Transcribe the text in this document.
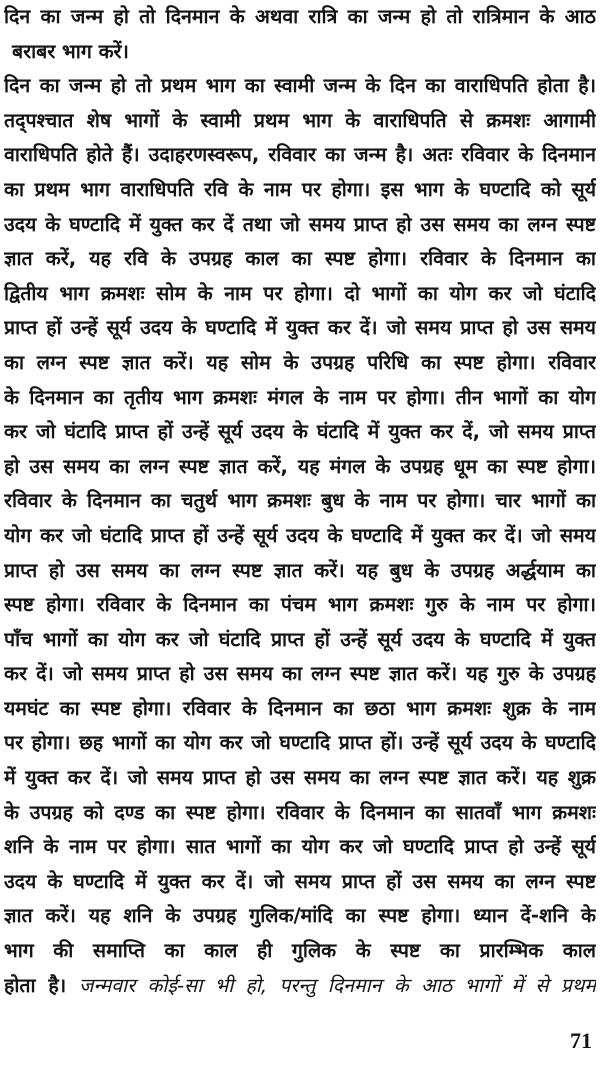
दिन का जन्म हो तो दिनमान के अथवा रात्रि का जन्म हो तो रात्रिमान के आठ
बराबर भाग करें।
दिन का जन्म हो तो प्रथम भाग का स्वामी जन्म के दिन का वाराधिपति होता है।
तद्पश्चात शेष भागों के स्वामी प्रथम भाग के वाराधिपति से क्रमशः आगामी
वाराधिपति होते हैं। उदाहरणस्वरूप, रविवार का जन्म है। अतः रविवार के दिनमान
का प्रथम भाग वाराधिपति रवि के नाम पर होगा। इस भाग के घण्टादि को सूर्य
उदय के घण्टादि में युक्त कर दें तथा जो समय प्राप्त हो उस समय का लग्न स्पष्ट
ज्ञात करें, यह रवि के उपग्रह काल का स्पष्ट होगा। रविवार के दिनमान का
द्वितीय भाग क्रमशः सोम के नाम पर होगा। दो भागों का योग कर जो घंटादि
प्राप्त हों उन्हें सूर्य उदय के घण्टादि में युक्त कर दें। जो समय प्राप्त हो उस समय
का लग्न स्पष्ट ज्ञात करें। यह सोम के उपग्रह परिधि का स्पष्ट होगा। रविवार
के दिनमान का तृतीय भाग क्रमशः मंगल के नाम पर होगा। तीन भागों का योग
कर जो घंटादि प्राप्त हों उन्हें सूर्य उदय के घंटादि में युक्त कर दें, जो समय प्राप्त
हो उस समय का लग्न स्पष्ट ज्ञात करें, यह मंगल के उपग्रह धूम का स्पष्ट होगा।
रविवार के दिनमान का चतुर्थ भाग क्रमशः बुध के नाम पर होगा। चार भागों का
योग कर जो घंटादि प्राप्त हों उन्हें सूर्य उदय के घण्टादि में युक्त कर दें। जो समय
प्राप्त हो उस समय का लग्न स्पष्ट ज्ञात करें। यह बुध के उपग्रह अर्द्धयाम का
स्पष्ट होगा। रविवार के दिनमान का पंचम भाग क्रमशः गुरु के नाम पर होगा।
पाँच भागों का योग कर जो घंटादि प्राप्त हों उन्हें सूर्य उदय के घण्टादि में युक्त
कर दें। जो समय प्राप्त हो उस समय का लग्न स्पष्ट ज्ञात करें। यह गुरु के उपग्रह
यमघंट का स्पष्ट होगा। रविवार के दिनमान का छठा भाग क्रमशः शुक्र के नाम
पर होगा। छह भागों का योग कर जो घण्टादि प्राप्त हों। उन्हें सूर्य उदय के घण्टादि
में युक्त कर दें। जो समय प्राप्त हो उस समय का लग्न स्पष्ट ज्ञात करें। यह शुक्र
के उपग्रह को दण्ड का स्पष्ट होगा। रविवार के दिनमान का सातवाँ भाग क्रमशः
शनि के नाम पर होगा। सात भागों का योग कर जो घण्टादि प्राप्त हो उन्हें सूर्य
उदय के घण्टादि में युक्त कर दें। जो समय प्राप्त हों उस समय का लग्न स्पष्ट
ज्ञात करें। यह शनि के उपग्रह गुलिक/मांदि का स्पष्ट होगा। ध्यान दें-शनि के
भाग की समाप्ति का काल ही गुलिक के स्पष्ट का प्रारम्भिक काल
होता है। जन्मवार कोई-सा भी हो, परन्तु दिनमान के आठ भागों में से प्रथम
71
